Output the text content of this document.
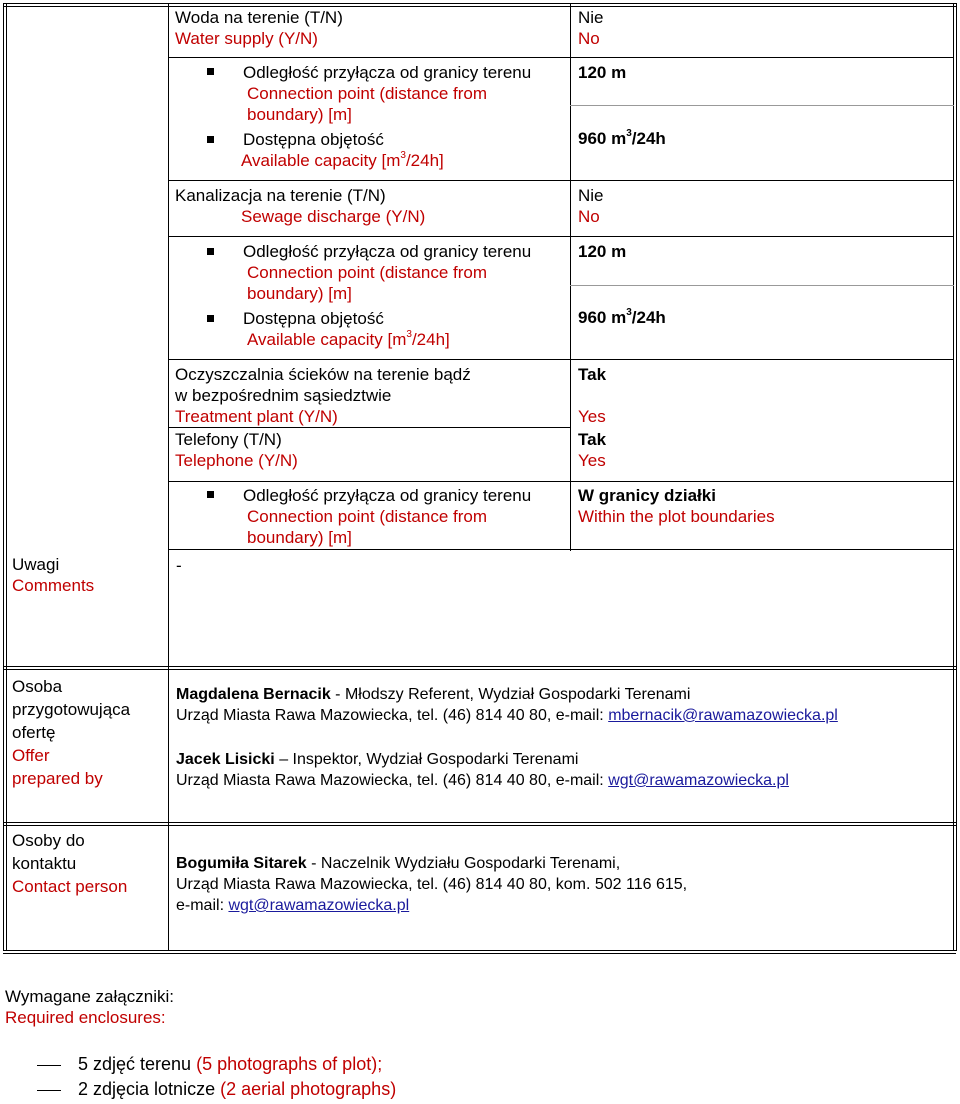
Woda na terenie (T/N)
Water supply (Y/N)
Nie
No
Odległość przyłącza od granicy terenu
Connection point (distance from
boundary) [m]
120 m
Dostępna objętość
Available capacity $[m^3/24h]$
960 $m^3/24h$
Kanalizacja na terenie (T/N)
Sewage discharge (Y/N)
Nie
No
Odległość przyłącza od granicy terenu
Connection point (distance from
boundary) [m]
120 m
Dostępna objętość
Available capacity $[m^3/24h]$
960 $m^3/24h$
Oczyszczalnia ścieków na terenie bądź
w bezpośrednim sąsiedztwie
Treatment plant (Y/N)
Tak
Yes
Telefony (T/N)
Telephone (Y/N)
Tak
Yes
Odległość przyłącza od granicy terenu
Connection point (distance from
boundary) [m]
W granicy działki
Within the plot boundaries
Uwagi
Comments
-
Osoba
przygotowująca
ofertę
Offer
prepared by
Magdalena Bernacik - Młodszy Referent, Wydział Gospodarki Terenami
Urząd Miasta Rawa Mazowiecka, tel. (46) 814 40 80, e-mail: mbernacik@rawamazowiecka.pl
Jacek Lisicki – Inspektor, Wydział Gospodarki Terenami
Urząd Miasta Rawa Mazowiecka, tel. (46) 814 40 80, e-mail: wgt@rawamazowiecka.pl
Osoby do
kontaktu
Contact person
Bogumiła Sitarek - Naczelnik Wydziału Gospodarki Terenami,
Urząd Miasta Rawa Mazowiecka, tel. (46) 814 40 80, kom. 502 116 615,
e-mail: wgt@rawamazowiecka.pl
Wymagane załączniki:
Required enclosures:
5 zdjęć terenu (5 photographs of plot);
2 zdjęcia lotnicze (2 aerial photographs)
